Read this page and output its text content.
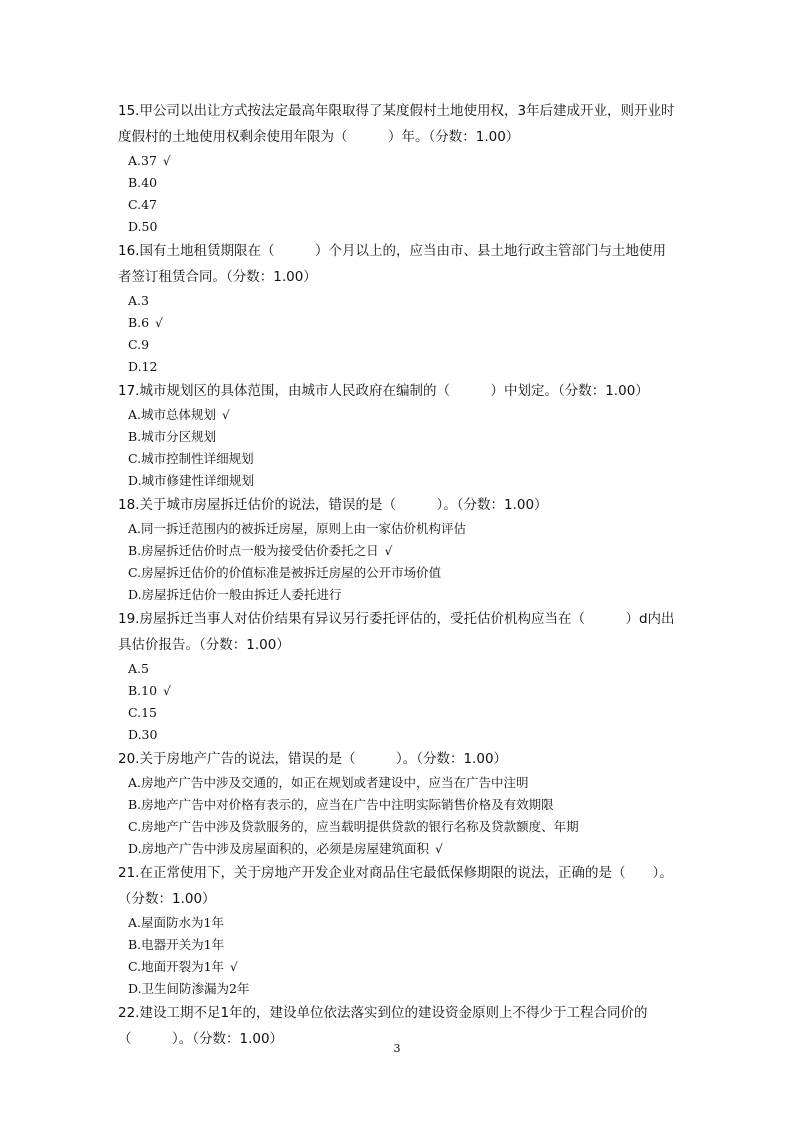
15.甲公司以出让方式按法定最高年限取得了某度假村土地使用权，3年后建成开业，则开业时度假村的土地使用权剩余使用年限为（　　　）年。（分数：1.00）

A.37 √
B.40
C.47
D.50

16.国有土地租赁期限在（　　　）个月以上的，应当由市、县土地行政主管部门与土地使用者签订租赁合同。（分数：1.00）

A.3
B.6 √
C.9
D.12

17.城市规划区的具体范围，由城市人民政府在编制的（　　　）中划定。（分数：1.00）

A.城市总体规划 √
B.城市分区规划
C.城市控制性详细规划
D.城市修建性详细规划

18.关于城市房屋拆迁估价的说法，错误的是（　　　）。（分数：1.00）

A.同一拆迁范围内的被拆迁房屋，原则上由一家估价机构评估
B.房屋拆迁估价时点一般为接受估价委托之日 √
C.房屋拆迁估价的价值标准是被拆迁房屋的公开市场价值
D.房屋拆迁估价一般由拆迁人委托进行

19.房屋拆迁当事人对估价结果有异议另行委托评估的，受托估价机构应当在（　　　）d内出具估价报告。（分数：1.00）

A.5
B.10 √
C.15
D.30

20.关于房地产广告的说法，错误的是（　　　）。（分数：1.00）

A.房地产广告中涉及交通的，如正在规划或者建设中，应当在广告中注明
B.房地产广告中对价格有表示的，应当在广告中注明实际销售价格及有效期限
C.房地产广告中涉及贷款服务的，应当载明提供贷款的银行名称及贷款额度、年期
D.房地产广告中涉及房屋面积的，必须是房屋建筑面积 √

21.在正常使用下，关于房地产开发企业对商品住宅最低保修期限的说法，正确的是（　　）。（分数：1.00）

A.屋面防水为1年
B.电器开关为1年
C.地面开裂为1年 √
D.卫生间防渗漏为2年

22.建设工期不足1年的，建设单位依法落实到位的建设资金原则上不得少于工程合同价的（　　　）。（分数：1.00）

3
